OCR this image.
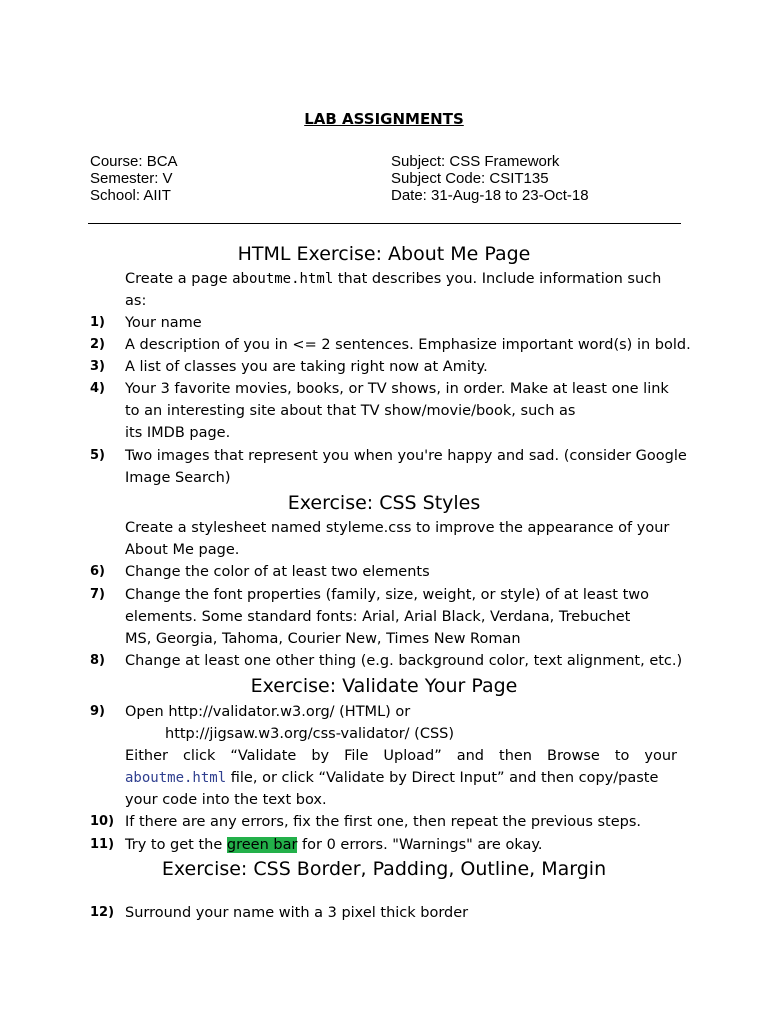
LAB ASSIGNMENTS
Course: BCA
Semester: V
School: AIIT
Subject: CSS Framework
Subject Code: CSIT135
Date: 31-Aug-18 to 23-Oct-18
HTML Exercise: About Me Page
Create a page aboutme.html that describes you. Include information such
as:
1) Your name
2) A description of you in <= 2 sentences. Emphasize important word(s) in bold.
3) A list of classes you are taking right now at Amity.
4) Your 3 favorite movies, books, or TV shows, in order. Make at least one link
to an interesting site about that TV show/movie/book, such as
its IMDB page.
5) Two images that represent you when you're happy and sad. (consider Google
Image Search)
Exercise: CSS Styles
Create a stylesheet named styleme.css to improve the appearance of your
About Me page.
6) Change the color of at least two elements
7) Change the font properties (family, size, weight, or style) of at least two
elements. Some standard fonts: Arial, Arial Black, Verdana, Trebuchet
MS, Georgia, Tahoma, Courier New, Times New Roman
8) Change at least one other thing (e.g. background color, text alignment, etc.)
Exercise: Validate Your Page
9) Open http://validator.w3.org/ (HTML) or
http://jigsaw.w3.org/css-validator/ (CSS)
Either click “Validate by File Upload” and then Browse to your
aboutme.html file, or click “Validate by Direct Input” and then copy/paste
your code into the text box.
10) If there are any errors, fix the first one, then repeat the previous steps.
11) Try to get the green bar for 0 errors. "Warnings" are okay.
Exercise: CSS Border, Padding, Outline, Margin
12) Surround your name with a 3 pixel thick border
